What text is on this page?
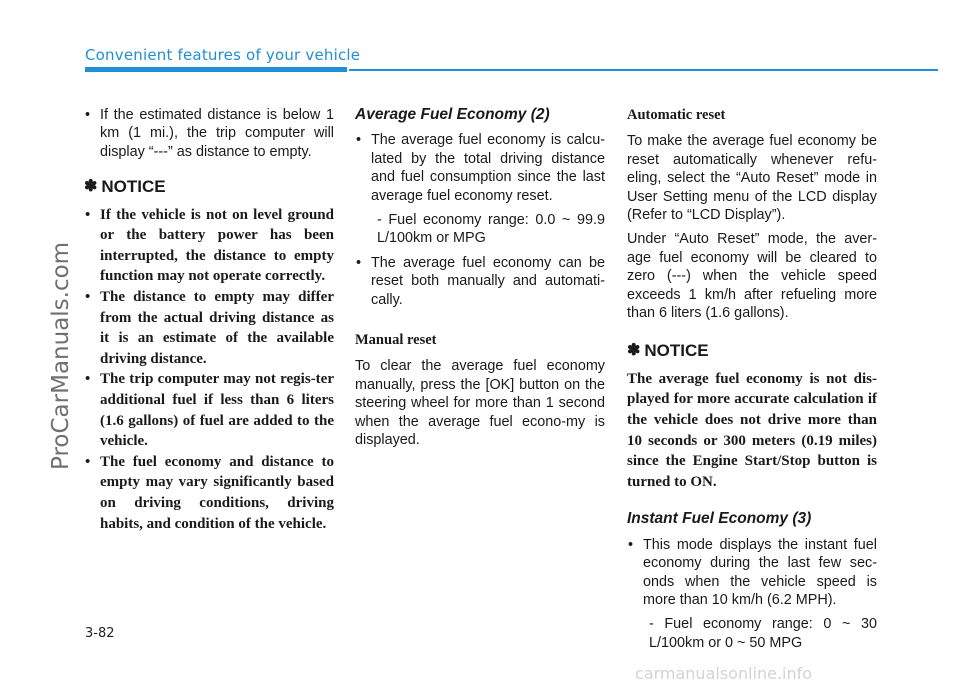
Convenient features of your vehicle
ProCarManuals.com
carmanualsonline.info
• If the estimated distance is below 1 km (1 mi.), the trip computer will display “---” as distance to empty.
✽ NOTICE
• If the vehicle is not on level ground or the battery power has been interrupted, the distance to empty function may not operate correctly.
• The distance to empty may differ from the actual driving distance as it is an estimate of the available driving distance.
• The trip computer may not regis-ter additional fuel if less than 6 liters (1.6 gallons) of fuel are added to the vehicle.
• The fuel economy and distance to empty may vary significantly based on driving conditions, driving habits, and condition of the vehicle.
Average Fuel Economy (2)
• The average fuel economy is calcu-lated by the total driving distance and fuel consumption since the last average fuel economy reset.
- Fuel economy range: 0.0 ~ 99.9 L/100km or MPG
• The average fuel economy can be reset both manually and automati-cally.
Manual reset
To clear the average fuel economy manually, press the [OK] button on the steering wheel for more than 1 second when the average fuel econo-my is displayed.
Automatic reset
To make the average fuel economy be reset automatically whenever refu-eling, select the “Auto Reset” mode in User Setting menu of the LCD display (Refer to “LCD Display”).
Under “Auto Reset” mode, the aver-age fuel economy will be cleared to zero (---) when the vehicle speed exceeds 1 km/h after refueling more than 6 liters (1.6 gallons).
✽ NOTICE
The average fuel economy is not dis-played for more accurate calculation if the vehicle does not drive more than 10 seconds or 300 meters (0.19 miles) since the Engine Start/Stop button is turned to ON.
Instant Fuel Economy (3)
• This mode displays the instant fuel economy during the last few sec-onds when the vehicle speed is more than 10 km/h (6.2 MPH).
- Fuel economy range: 0 ~ 30 L/100km or 0 ~ 50 MPG
3-82
